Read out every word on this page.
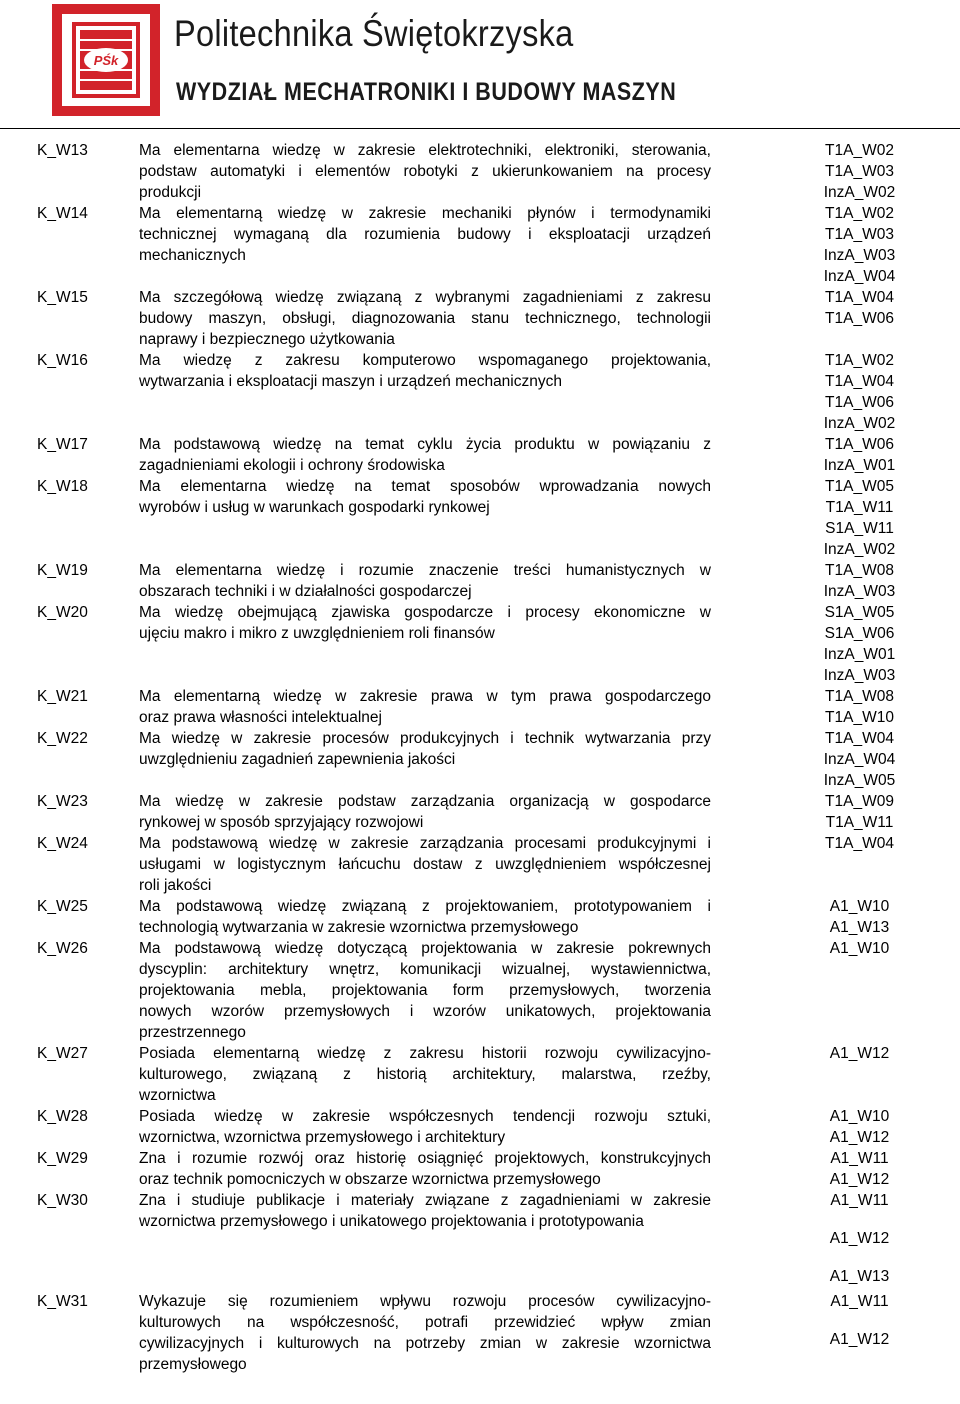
PŚk
Politechnika Świętokrzyska
WYDZIAŁ MECHATRONIKI I BUDOWY MASZYN
K_W13	Ma elementarna wiedzę w zakresie elektrotechniki, elektroniki, sterowania,
podstaw automatyki i elementów robotyki z ukierunkowaniem na procesy
produkcji
T1A_W02
T1A_W03
InzA_W02
K_W14	Ma elementarną wiedzę w zakresie mechaniki płynów i termodynamiki
technicznej wymaganą dla rozumienia budowy i eksploatacji urządzeń
mechanicznych
T1A_W02
T1A_W03
InzA_W03
InzA_W04
K_W15	Ma szczegółową wiedzę związaną z wybranymi zagadnieniami z zakresu
budowy maszyn, obsługi, diagnozowania stanu technicznego, technologii
naprawy i bezpiecznego użytkowania
T1A_W04
T1A_W06
K_W16	Ma wiedzę z zakresu komputerowo wspomaganego projektowania,
wytwarzania i eksploatacji maszyn i urządzeń mechanicznych
T1A_W02
T1A_W04
T1A_W06
InzA_W02
K_W17	Ma podstawową wiedzę na temat cyklu życia produktu w powiązaniu z
zagadnieniami ekologii i ochrony środowiska
T1A_W06
InzA_W01
K_W18	Ma elementarna wiedzę na temat sposobów wprowadzania nowych
wyrobów i usług w warunkach gospodarki rynkowej
T1A_W05
T1A_W11
S1A_W11
InzA_W02
K_W19	Ma elementarna wiedzę i rozumie znaczenie treści humanistycznych w
obszarach techniki i w działalności gospodarczej
T1A_W08
InzA_W03
K_W20	Ma wiedzę obejmującą zjawiska gospodarcze i procesy ekonomiczne w
ujęciu makro i mikro z uwzględnieniem roli finansów
S1A_W05
S1A_W06
InzA_W01
InzA_W03
K_W21	Ma elementarną wiedzę w zakresie prawa w tym prawa gospodarczego
oraz prawa własności intelektualnej
T1A_W08
T1A_W10
K_W22	Ma wiedzę w zakresie procesów produkcyjnych i technik wytwarzania przy
uwzględnieniu zagadnień zapewnienia jakości
T1A_W04
InzA_W04
InzA_W05
K_W23	Ma wiedzę w zakresie podstaw zarządzania organizacją w gospodarce
rynkowej w sposób sprzyjający rozwojowi
T1A_W09
T1A_W11
K_W24	Ma podstawową wiedzę w zakresie zarządzania procesami produkcyjnymi i
usługami w logistycznym łańcuchu dostaw z uwzględnieniem współczesnej
roli jakości
T1A_W04
K_W25	Ma podstawową wiedzę związaną z projektowaniem, prototypowaniem i
technologią wytwarzania w zakresie wzornictwa przemysłowego
A1_W10
A1_W13
K_W26	Ma podstawową wiedzę dotyczącą projektowania w zakresie pokrewnych
dyscyplin: architektury wnętrz, komunikacji wizualnej, wystawiennictwa,
projektowania mebla, projektowania form przemysłowych, tworzenia
nowych wzorów przemysłowych i wzorów unikatowych, projektowania
przestrzennego
A1_W10
K_W27	Posiada elementarną wiedzę z zakresu historii rozwoju cywilizacyjno-
kulturowego, związaną z historią architektury, malarstwa, rzeźby,
wzornictwa
A1_W12
K_W28	Posiada wiedzę w zakresie współczesnych tendencji rozwoju sztuki,
wzornictwa, wzornictwa przemysłowego i architektury
A1_W10
A1_W12
K_W29	Zna i rozumie rozwój oraz historię osiągnięć projektowych, konstrukcyjnych
oraz technik pomocniczych w obszarze wzornictwa przemysłowego
A1_W11
A1_W12
K_W30	Zna i studiuje publikacje i materiały związane z zagadnieniami w zakresie
wzornictwa przemysłowego i unikatowego projektowania i prototypowania
A1_W11
A1_W12
A1_W13
K_W31	Wykazuje się rozumieniem wpływu rozwoju procesów cywilizacyjno-
kulturowych na współczesność, potrafi przewidzieć wpływ zmian
cywilizacyjnych i kulturowych na potrzeby zmian w zakresie wzornictwa
przemysłowego
A1_W11
A1_W12
